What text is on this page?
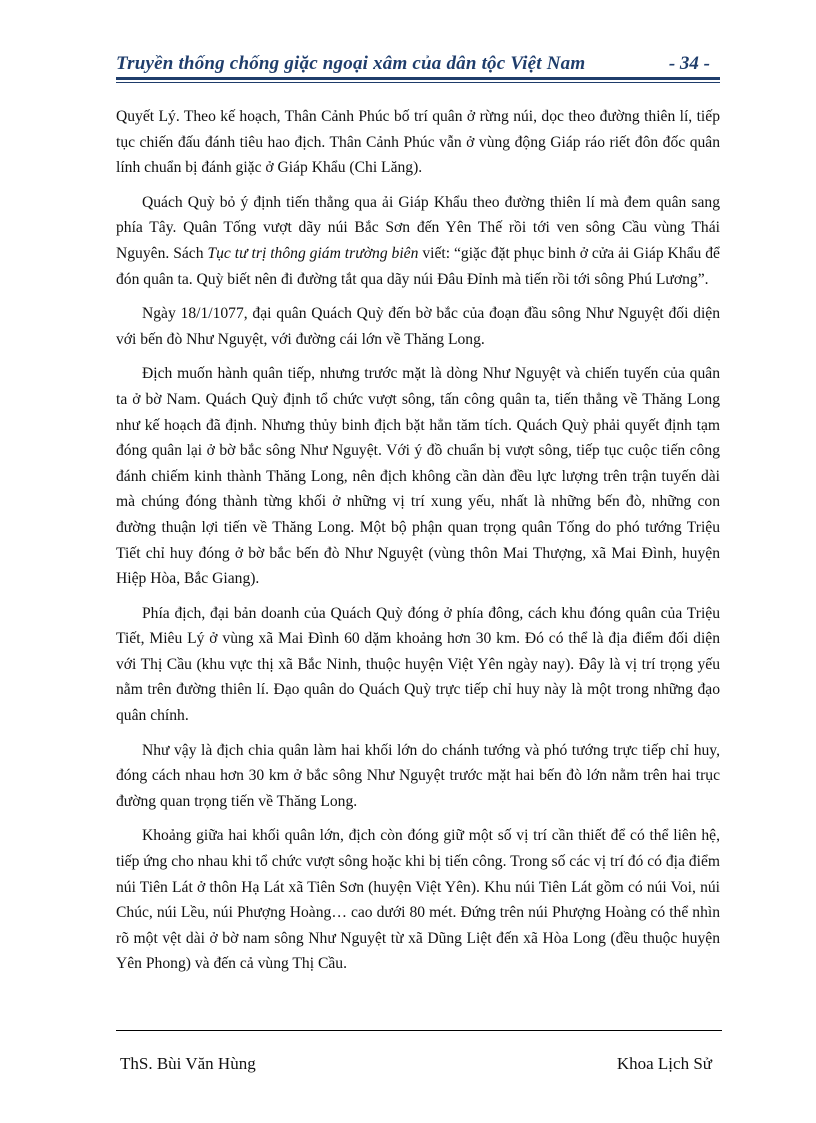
Truyền thống chống giặc ngoại xâm của dân tộc Việt Nam	- 34 -

Quyết Lý. Theo kế hoạch, Thân Cảnh Phúc bố trí quân ở rừng núi, dọc theo đường thiên lí, tiếp tục chiến đấu đánh tiêu hao địch. Thân Cảnh Phúc vẫn ở vùng động Giáp ráo riết đôn đốc quân lính chuẩn bị đánh giặc ở Giáp Khẩu (Chi Lăng).

Quách Quỳ bỏ ý định tiến thẳng qua ải Giáp Khẩu theo đường thiên lí mà đem quân sang phía Tây. Quân Tống vượt dãy núi Bắc Sơn đến Yên Thế rồi tới ven sông Cầu vùng Thái Nguyên. Sách Tục tư trị thông giám trường biên viết: “giặc đặt phục binh ở cửa ải Giáp Khẩu để đón quân ta. Quỳ biết nên đi đường tắt qua dãy núi Đâu Đỉnh mà tiến rồi tới sông Phú Lương”.

Ngày 18/1/1077, đại quân Quách Quỳ đến bờ bắc của đoạn đầu sông Như Nguyệt đối diện với bến đò Như Nguyệt, với đường cái lớn về Thăng Long.

Địch muốn hành quân tiếp, nhưng trước mặt là dòng Như Nguyệt và chiến tuyến của quân ta ở bờ Nam. Quách Quỳ định tổ chức vượt sông, tấn công quân ta, tiến thẳng về Thăng Long như kế hoạch đã định. Nhưng thủy binh địch bặt hẳn tăm tích. Quách Quỳ phải quyết định tạm đóng quân lại ở bờ bắc sông Như Nguyệt. Với ý đồ chuẩn bị vượt sông, tiếp tục cuộc tiến công đánh chiếm kinh thành Thăng Long, nên địch không cần dàn đều lực lượng trên trận tuyến dài mà chúng đóng thành từng khối ở những vị trí xung yếu, nhất là những bến đò, những con đường thuận lợi tiến về Thăng Long. Một bộ phận quan trọng quân Tống do phó tướng Triệu Tiết chỉ huy đóng ở bờ bắc bến đò Như Nguyệt (vùng thôn Mai Thượng, xã Mai Đình, huyện Hiệp Hòa, Bắc Giang).

Phía địch, đại bản doanh của Quách Quỳ đóng ở phía đông, cách khu đóng quân của Triệu Tiết, Miêu Lý ở vùng xã Mai Đình 60 dặm khoảng hơn 30 km. Đó có thể là địa điểm đối diện với Thị Cầu (khu vực thị xã Bắc Ninh, thuộc huyện Việt Yên ngày nay). Đây là vị trí trọng yếu nằm trên đường thiên lí. Đạo quân do Quách Quỳ trực tiếp chỉ huy này là một trong những đạo quân chính.

Như vậy là địch chia quân làm hai khối lớn do chánh tướng và phó tướng trực tiếp chỉ huy, đóng cách nhau hơn 30 km ở bắc sông Như Nguyệt trước mặt hai bến đò lớn nằm trên hai trục đường quan trọng tiến về Thăng Long.

Khoảng giữa hai khối quân lớn, địch còn đóng giữ một số vị trí cần thiết để có thể liên hệ, tiếp ứng cho nhau khi tổ chức vượt sông hoặc khi bị tiến công. Trong số các vị trí đó có địa điểm núi Tiên Lát ở thôn Hạ Lát xã Tiên Sơn (huyện Việt Yên). Khu núi Tiên Lát gồm có núi Voi, núi Chúc, núi Lều, núi Phượng Hoàng… cao dưới 80 mét. Đứng trên núi Phượng Hoàng có thể nhìn rõ một vệt dài ở bờ nam sông Như Nguyệt từ xã Dũng Liệt đến xã Hòa Long (đều thuộc huyện Yên Phong) và đến cả vùng Thị Cầu.

ThS. Bùi Văn Hùng	Khoa Lịch Sử
